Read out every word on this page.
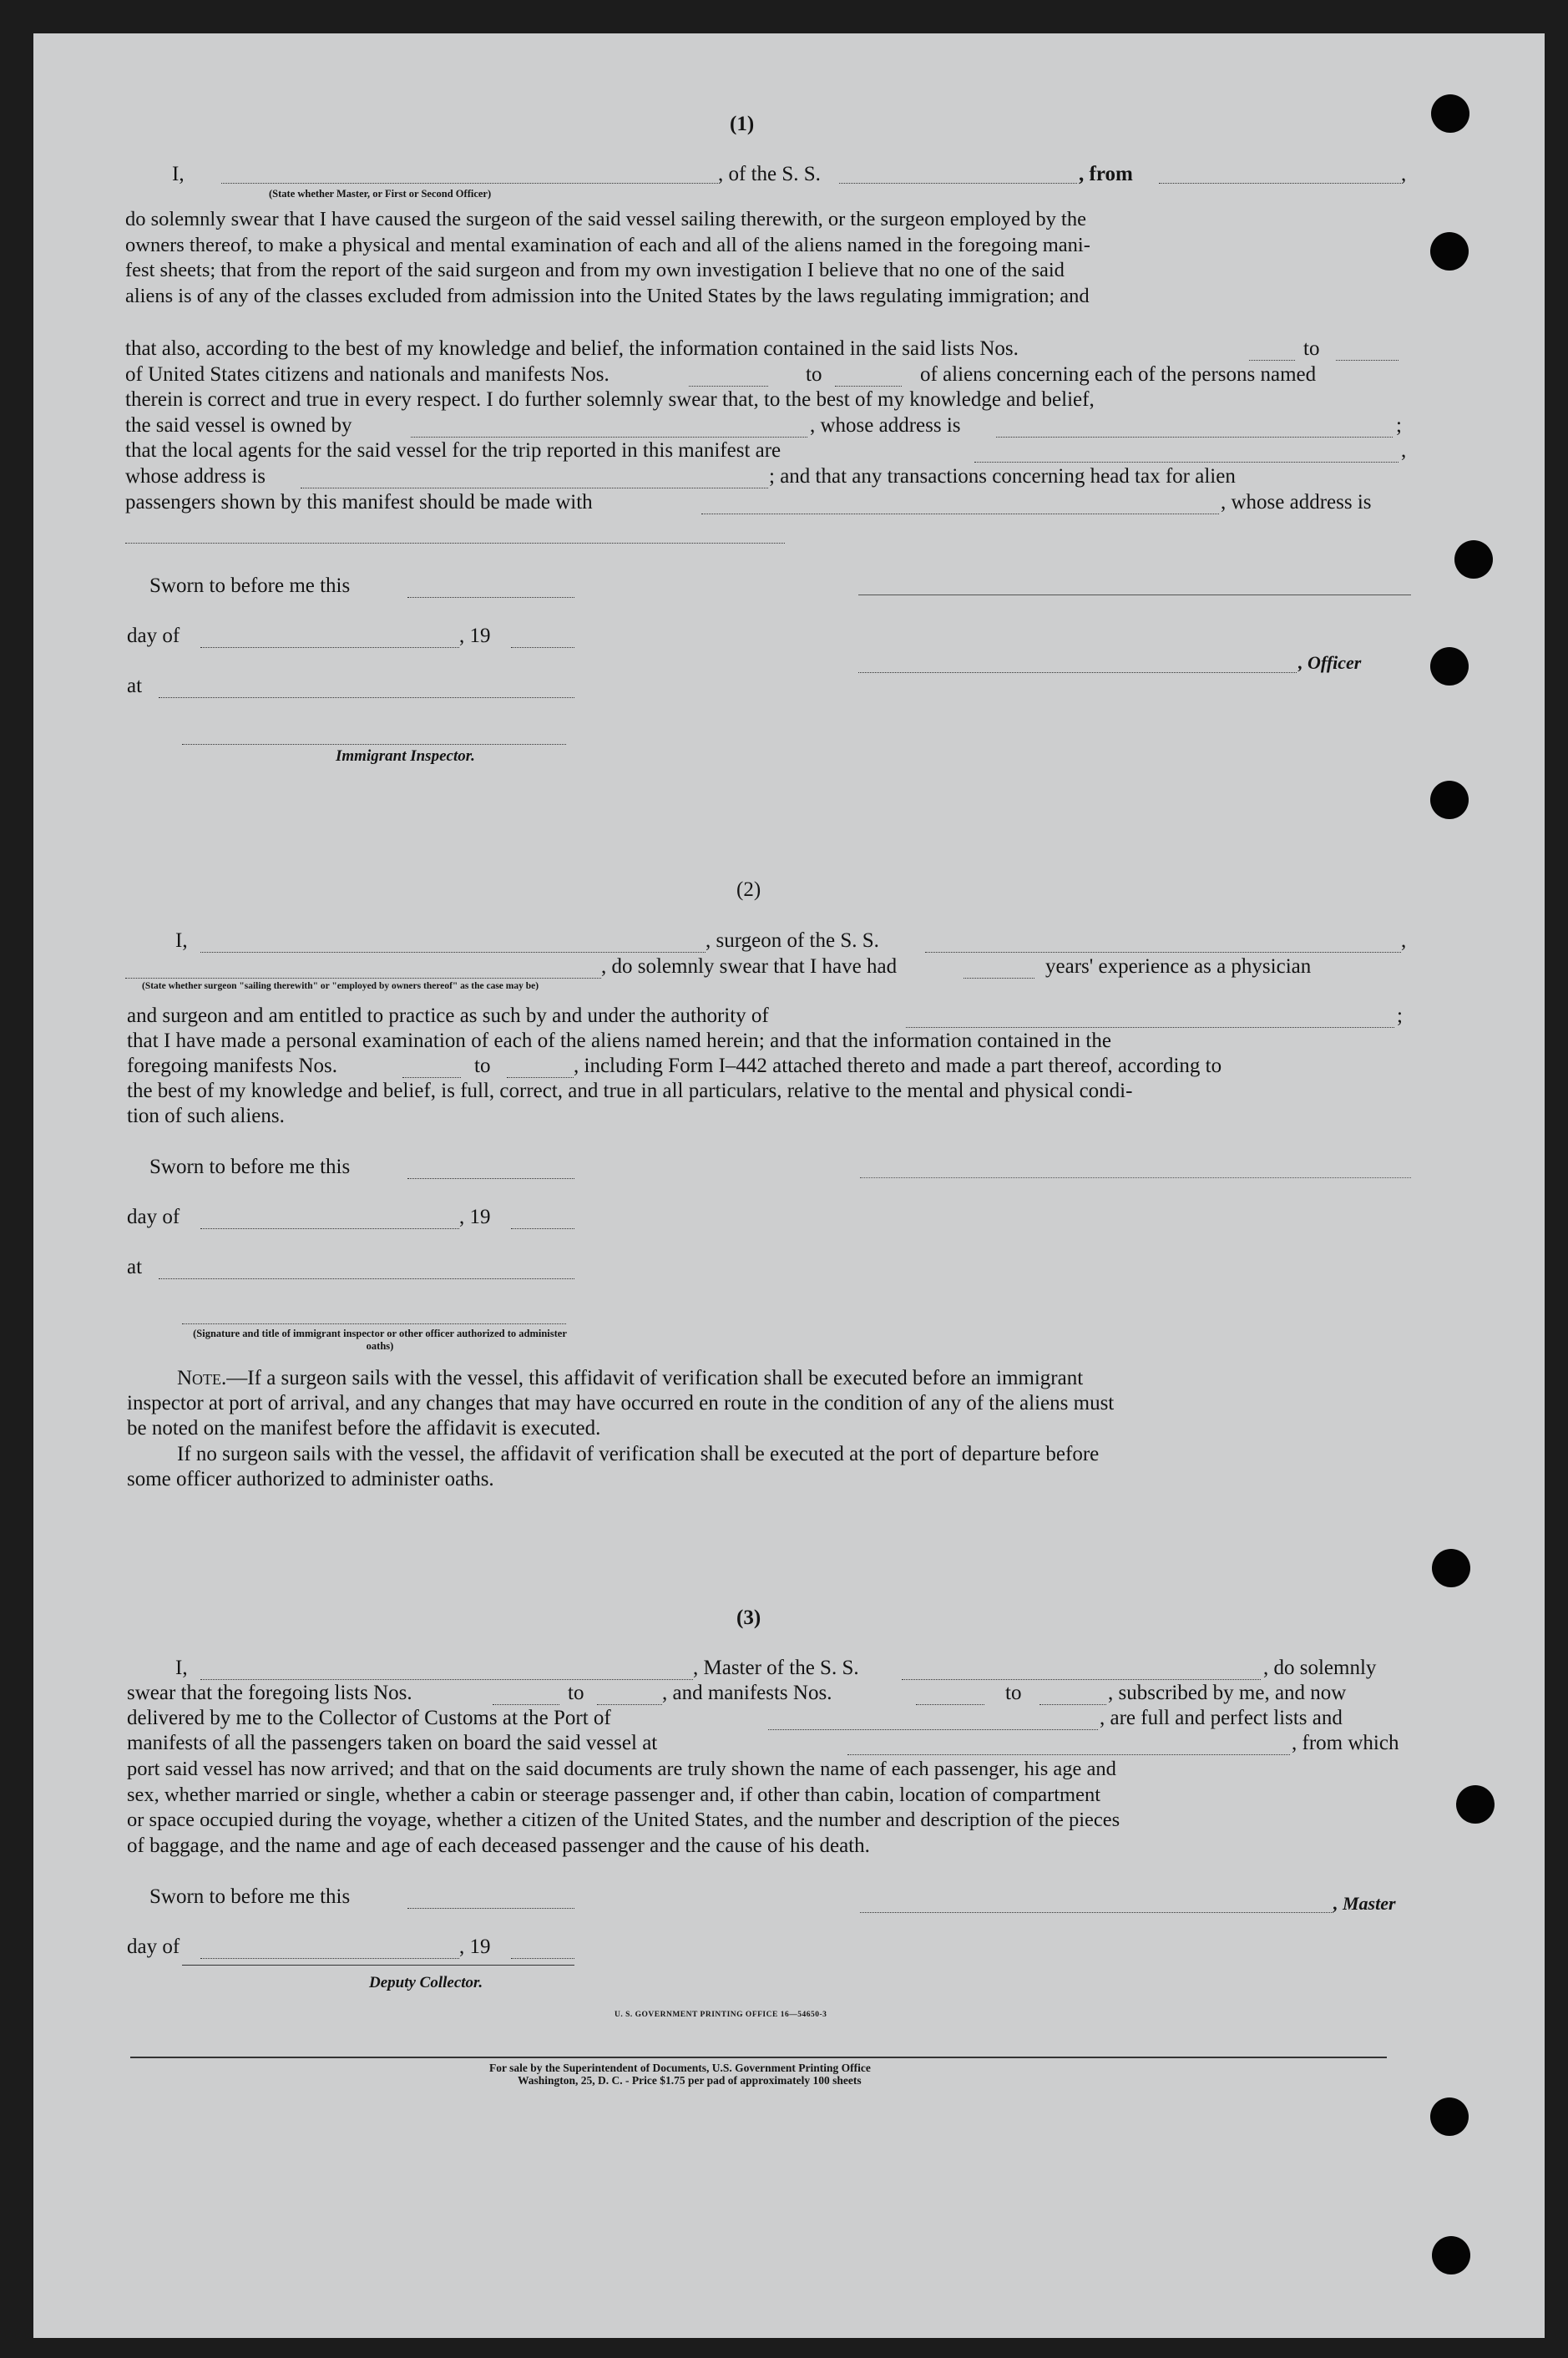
(1)
I,	, of the S. S.	, from	,
(State whether Master, or First or Second Officer)
do solemnly swear that I have caused the surgeon of the said vessel sailing therewith, or the surgeon employed by the
owners thereof, to make a physical and mental examination of each and all of the aliens named in the foregoing mani-
fest sheets; that from the report of the said surgeon and from my own investigation I believe that no one of the said
aliens is of any of the classes excluded from admission into the United States by the laws regulating immigration; and
that also, according to the best of my knowledge and belief, the information contained in the said lists Nos.	to
of United States citizens and nationals and manifests Nos.	to	of aliens concerning each of the persons named
therein is correct and true in every respect. I do further solemnly swear that, to the best of my knowledge and belief,
the said vessel is owned by	, whose address is	;
that the local agents for the said vessel for the trip reported in this manifest are	,
whose address is	; and that any transactions concerning head tax for alien
passengers shown by this manifest should be made with	, whose address is
Sworn to before me this
day of	, 19
, Officer
at
Immigrant Inspector.
(2)
I,	, surgeon of the S. S.	,
, do solemnly swear that I have had	years' experience as a physician
(State whether surgeon "sailing therewith" or "employed by owners thereof" as the case may be)
and surgeon and am entitled to practice as such by and under the authority of	;
that I have made a personal examination of each of the aliens named herein; and that the information contained in the
foregoing manifests Nos.	to	, including Form I–442 attached thereto and made a part thereof, according to
the best of my knowledge and belief, is full, correct, and true in all particulars, relative to the mental and physical condi-
tion of such aliens.
Sworn to before me this
day of	, 19
at
(Signature and title of immigrant inspector or other officer authorized to administer oaths)
Note.—If a surgeon sails with the vessel, this affidavit of verification shall be executed before an immigrant
inspector at port of arrival, and any changes that may have occurred en route in the condition of any of the aliens must
be noted on the manifest before the affidavit is executed.
If no surgeon sails with the vessel, the affidavit of verification shall be executed at the port of departure before
some officer authorized to administer oaths.
(3)
I,	, Master of the S. S.	, do solemnly
swear that the foregoing lists Nos.	to	, and manifests Nos.	to	, subscribed by me, and now
delivered by me to the Collector of Customs at the Port of	, are full and perfect lists and
manifests of all the passengers taken on board the said vessel at	, from which
port said vessel has now arrived; and that on the said documents are truly shown the name of each passenger, his age and
sex, whether married or single, whether a cabin or steerage passenger and, if other than cabin, location of compartment
or space occupied during the voyage, whether a citizen of the United States, and the number and description of the pieces
of baggage, and the name and age of each deceased passenger and the cause of his death.
Sworn to before me this	, Master
day of	, 19
Deputy Collector.
U. S. GOVERNMENT PRINTING OFFICE 16—54650-3
For sale by the Superintendent of Documents, U.S. Government Printing Office
Washington, 25, D. C. - Price $1.75 per pad of approximately 100 sheets
